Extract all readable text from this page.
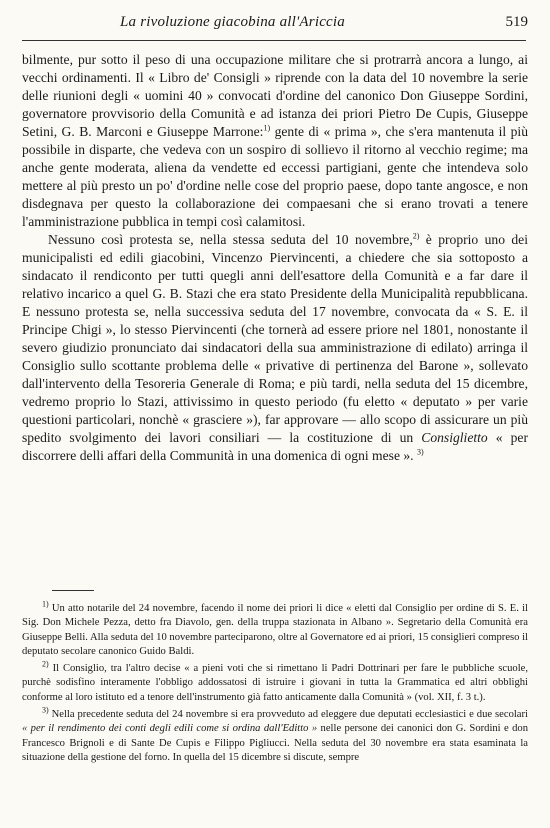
La rivoluzione giacobina all'Ariccia	519

bilmente, pur sotto il peso di una occupazione militare che si protrarrà ancora a lungo, ai vecchi ordinamenti. Il « Libro de' Consigli » riprende con la data del 10 novembre la serie delle riunioni degli « uomini 40 » convocati d'ordine del canonico Don Giuseppe Sordini, governatore provvisorio della Comunità e ad istanza dei priori Pietro De Cupis, Giuseppe Setini, G. B. Marconi e Giuseppe Marrone:$^{1)}$ gente di « prima », che s'era mantenuta il più possibile in disparte, che vedeva con un sospiro di sollievo il ritorno al vecchio regime; ma anche gente moderata, aliena da vendette ed eccessi partigiani, gente che intendeva solo mettere al più presto un po' d'ordine nelle cose del proprio paese, dopo tante angosce, e non disdegnava per questo la collaborazione dei compaesani che si erano trovati a tenere l'amministrazione pubblica in tempi così calamitosi.

Nessuno così protesta se, nella stessa seduta del 10 novembre,$^{2)}$ è proprio uno dei municipalisti ed edili giacobini, Vincenzo Piervincenti, a chiedere che sia sottoposto a sindacato il rendiconto per tutti quegli anni dell'esattore della Comunità e a far dare il relativo incarico a quel G. B. Stazi che era stato Presidente della Municipalità repubblicana. E nessuno protesta se, nella successiva seduta del 17 novembre, convocata da « S. E. il Principe Chigi », lo stesso Piervincenti (che tornerà ad essere priore nel 1801, nonostante il severo giudizio pronunciato dai sindacatori della sua amministrazione di edilato) arringa il Consiglio sullo scottante problema delle « privative di pertinenza del Barone », sollevato dall'intervento della Tesoreria Generale di Roma; e più tardi, nella seduta del 15 dicembre, vedremo proprio lo Stazi, attivissimo in questo periodo (fu eletto « deputato » per varie questioni particolari, nonchè « grasciere »), far approvare — allo scopo di assicurare un più spedito svolgimento dei lavori consiliari — la costituzione di un Consiglietto « per discorrere delli affari della Communità in una domenica di ogni mese ». $^{3)}$

$^{1)}$ Un atto notarile del 24 novembre, facendo il nome dei priori li dice « eletti dal Consiglio per ordine di S. E. il Sig. Don Michele Pezza, detto fra Diavolo, gen. della truppa stazionata in Albano ». Segretario della Comunità era Giuseppe Belli. Alla seduta del 10 novembre parteciparono, oltre al Governatore ed ai priori, 15 consiglieri compreso il deputato secolare canonico Guido Baldi.

$^{2)}$ Il Consiglio, tra l'altro decise « a pieni voti che si rimettano li Padri Dottrinari per fare le pubbliche scuole, purchè sodisfino interamente l'obbligo addossatosi di istruire i giovani in tutta la Grammatica ed altri obblighi conforme al loro istituto ed a tenore dell'instrumento già fatto anticamente dalla Comunità » (vol. XII, f. 3 t.).

$^{3)}$ Nella precedente seduta del 24 novembre si era provveduto ad eleggere due deputati ecclesiastici e due secolari « per il rendimento dei conti degli edili come si ordina dall'Editto » nelle persone dei canonici don G. Sordini e don Francesco Brignoli e di Sante De Cupis e Filippo Pigliucci. Nella seduta del 30 novembre era stata esaminata la situazione della gestione del forno. In quella del 15 dicembre si discute, sempre
